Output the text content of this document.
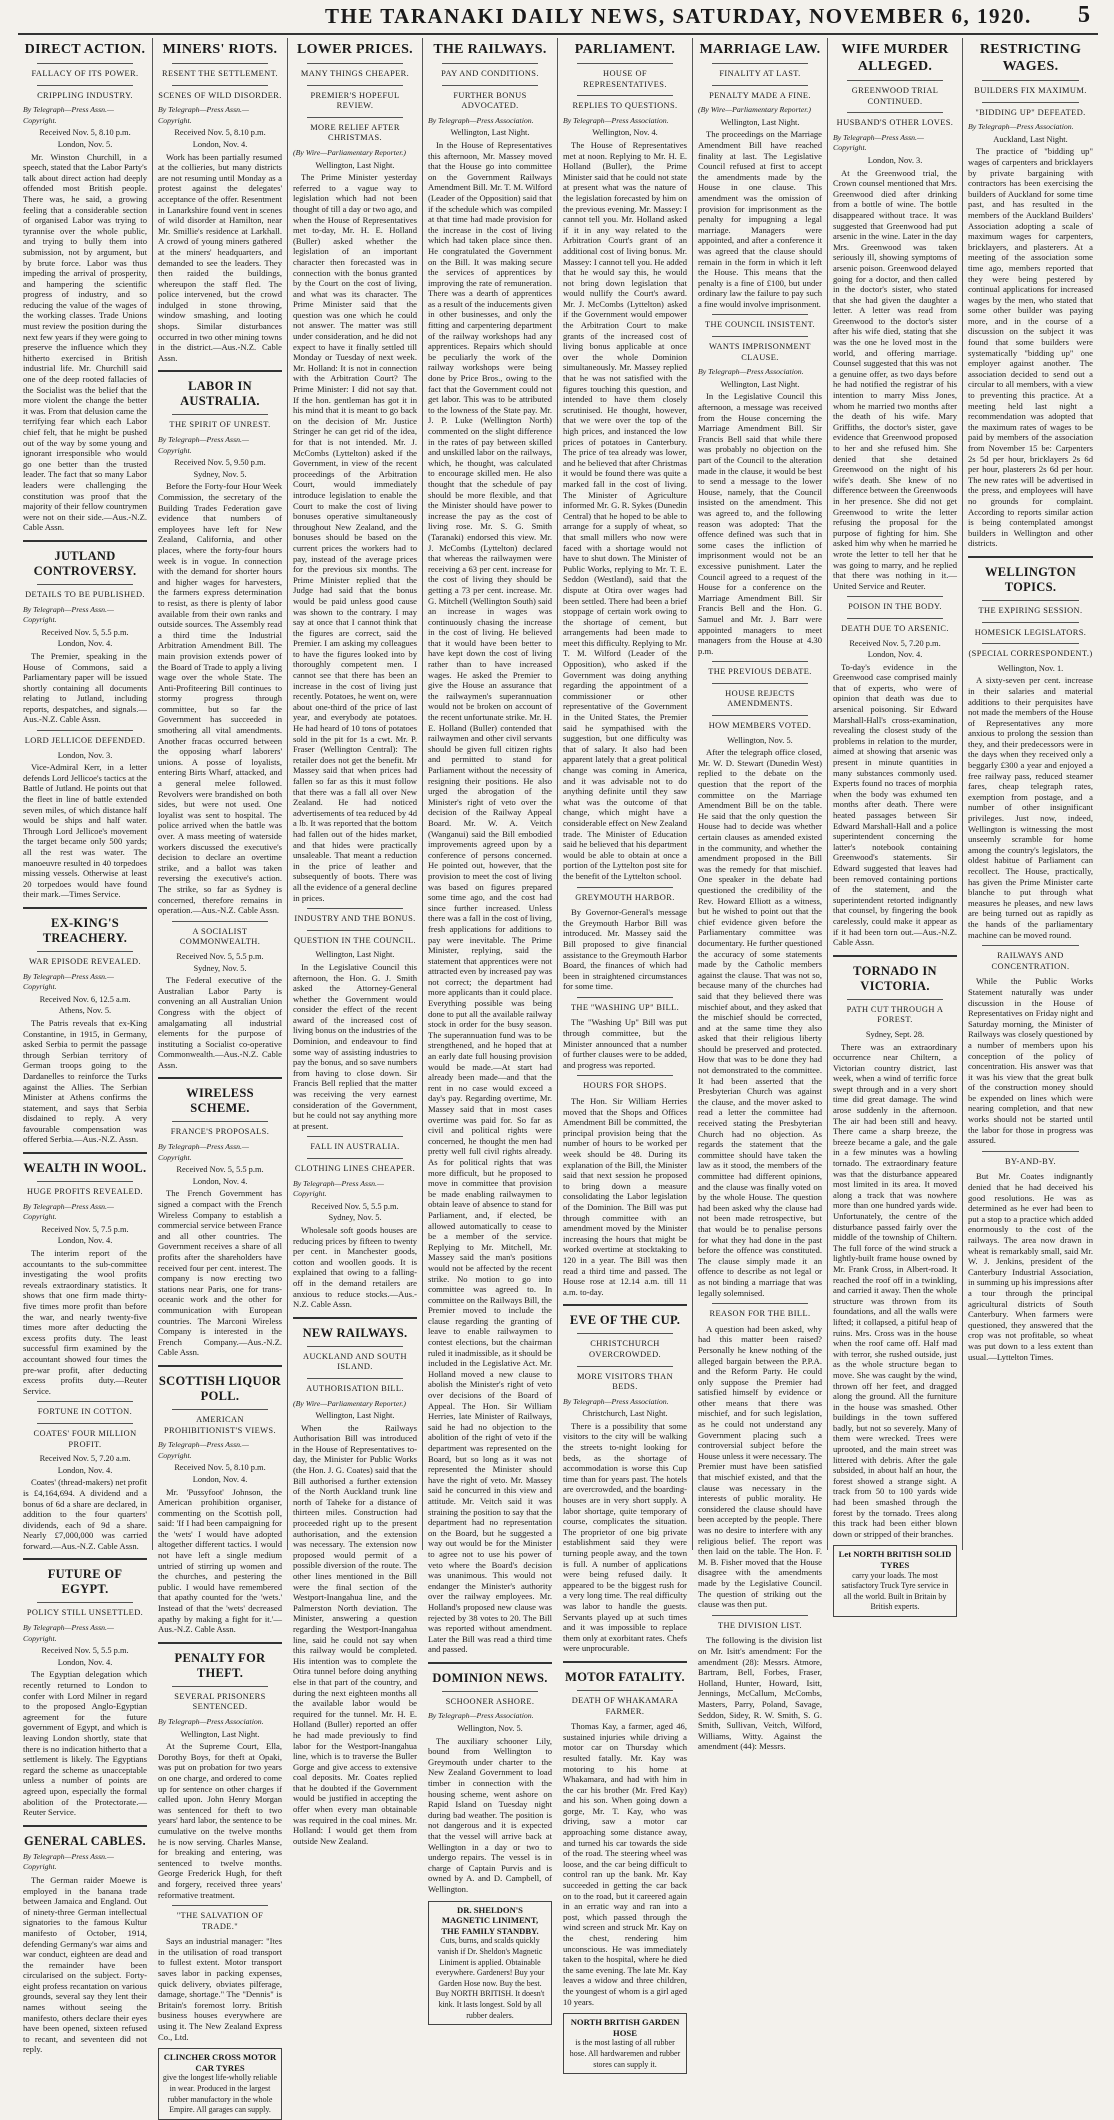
THE TARANAKI DAILY NEWS, SATURDAY, NOVEMBER 6, 1920. 5
DIRECT ACTION.
FALLACY OF ITS POWER.
CRIPPLING INDUSTRY.
By Telegraph—Press Assn.—Copyright.
Received Nov. 5, 8.10 p.m.
London, Nov. 5.
Mr. Winston Churchill, in a speech, stated that the Labor Party's talk about direct action had deeply offended most British people. There was, he said, a growing feeling that a considerable section of organised Labor was trying to tyrannise over the whole public, and trying to bully them into submission, not by argument, but by brute force. Labor was thus impeding the arrival of prosperity, and hampering the scientific progress of industry, and so reducing the value of the wages of the working classes. Trade Unions must review the position during the next few years if they were going to preserve the influence which they hitherto exercised in British industrial life. Mr. Churchill said one of the deep rooted fallacies of the Socialist was the belief that the more violent the change the better it was. From that delusion came the terrifying fear which each Labor chief felt, that he might be pushed out of the way by some young and ignorant irresponsible who would go one better than the trusted leader. The fact that so many Labor leaders were challenging the constitution was proof that the majority of their fellow countrymen were not on their side.—Aus.-N.Z. Cable Assn.
JUTLAND CONTROVERSY.
DETAILS TO BE PUBLISHED.
By Telegraph—Press Assn.—Copyright.
Received Nov. 5, 5.5 p.m.
London, Nov. 4.
The Premier, speaking in the House of Commons, said a Parliamentary paper will be issued shortly containing all documents relating to Jutland, including reports, despatches, and signals.—Aus.-N.Z. Cable Assn.
LORD JELLICOE DEFENDED.
London, Nov. 3.
Vice-Admiral Kerr, in a letter defends Lord Jellicoe's tactics at the Battle of Jutland. He points out that the fleet in line of battle extended seven miles, of which distance half would be ships and half water. Through Lord Jellicoe's movement the target became only 500 yards; all the rest was water. The manoeuvre resulted in 40 torpedoes missing vessels. Otherwise at least 20 torpedoes would have found their mark.—Times Service.
EX-KING'S TREACHERY.
WAR EPISODE REVEALED.
By Telegraph—Press Assn.—Copyright.
Received Nov. 6, 12.5 a.m.
Athens, Nov. 5.
The Patris reveals that ex-King Constantine, in 1915, in Germany, asked Serbia to permit the passage through Serbian territory of German troops going to the Dardanelles to reinforce the Turks against the Allies. The Serbian Minister at Athens confirms the statement, and says that Serbia disdained to reply. A very favourable compensation was offered Serbia.—Aus.-N.Z. Assn.
WEALTH IN WOOL.
HUGE PROFITS REVEALED.
By Telegraph—Press Assn.—Copyright.
Received Nov. 5, 7.5 p.m.
London, Nov. 4.
The interim report of the accountants to the sub-committee investigating the wool profits reveals extraordinary statistics. It shows that one firm made thirty-five times more profit than before the war, and nearly twenty-five times more after deducting the excess profits duty. The least successful firm examined by the accountant showed four times the pre-war profit, after deducting excess profits duty.—Reuter Service.
FORTUNE IN COTTON.
COATES' FOUR MILLION PROFIT.
Received Nov. 5, 7.20 a.m.
London, Nov. 4.
Coates' (thread-makers) net profit is £4,164,694. A dividend and a bonus of 6d a share are declared, in addition to the four quarters' dividends, each of 9d a share. Nearly £7,000,000 was carried forward.—Aus.-N.Z. Cable Assn.
FUTURE OF EGYPT.
POLICY STILL UNSETTLED.
By Telegraph—Press Assn.—Copyright.
Received Nov. 5, 5.5 p.m.
London, Nov. 4.
The Egyptian delegation which recently returned to London to confer with Lord Milner in regard to the proposed Anglo-Egyptian agreement for the future government of Egypt, and which is leaving London shortly, state that there is no indication hitherto that a settlement is likely. The Egyptians regard the scheme as unacceptable unless a number of points are agreed upon, especially the formal abolition of the Protectorate.—Reuter Service.
GENERAL CABLES.
By Telegraph—Press Assn.—Copyright.
The German raider Moewe is employed in the banana trade between Jamaica and England. Out of ninety-three German intellectual signatories to the famous Kultur manifesto of October, 1914, defending Germany's war aims and war conduct, eighteen are dead and the remainder have been circularised on the subject. Forty-eight profess recantation on various grounds, several say they lent their names without seeing the manifesto, others declare their eyes have been opened, sixteen refused to recant, and seventeen did not reply.
MINERS' RIOTS.
RESENT THE SETTLEMENT.
SCENES OF WILD DISORDER.
By Telegraph—Press Assn.—Copyright.
Received Nov. 5, 8.10 p.m.
London, Nov. 4.
Work has been partially resumed at the collieries, but many districts are not resuming until Monday as a protest against the delegates' acceptance of the offer. Resentment in Lanarkshire found vent in scenes of wild disorder at Hamilton, near Mr. Smillie's residence at Larkhall. A crowd of young miners gathered at the miners' headquarters, and demanded to see the leaders. They then raided the buildings, whereupon the staff fled. The police intervened, but the crowd indulged in stone throwing, window smashing, and looting shops. Similar disturbances occurred in two other mining towns in the district.—Aus.-N.Z. Cable Assn.
LABOR IN AUSTRALIA.
THE SPIRIT OF UNREST.
By Telegraph—Press Assn.—Copyright.
Received Nov. 5, 9.50 p.m.
Sydney, Nov. 5.
Before the Forty-four Hour Week Commission, the secretary of the Building Trades Federation gave evidence that numbers of employees have left for New Zealand, California, and other places, where the forty-four hours week is in vogue. In connection with the demand for shorter hours and higher wages for harvesters, the farmers express determination to resist, as there is plenty of labor available from their own ranks and outside sources. The Assembly read a third time the Industrial Arbitration Amendment Bill. The main provision extends power of the Board of Trade to apply a living wage over the whole State. The Anti-Profiteering Bill continues to stormy progress through committee, but so far the Government has succeeded in smothering all vital amendments. Another fracas occurred between the opposing wharf laborers' unions. A posse of loyalists, entering Birts Wharf, attacked, and a general melee followed. Revolvers were brandished on both sides, but were not used. One loyalist was sent to hospital. The police arrived when the battle was over. A mass meeting of waterside workers discussed the executive's decision to declare an overtime strike, and a ballot was taken reversing the executive's action. The strike, so far as Sydney is concerned, therefore remains in operation.—Aus.-N.Z. Cable Assn.
A SOCIALIST COMMONWEALTH.
Received Nov. 5, 5.5 p.m.
Sydney, Nov. 5.
The Federal executive of the Australian Labor Party is convening an all Australian Union Congress with the object of amalgamating all industrial elements for the purpose of instituting a Socialist co-operative Commonwealth.—Aus.-N.Z. Cable Assn.
WIRELESS SCHEME.
FRANCE'S PROPOSALS.
By Telegraph—Press Assn.—Copyright.
Received Nov. 5, 5.5 p.m.
London, Nov. 4.
The French Government has signed a compact with the French Wireless Company to establish a commercial service between France and all other countries. The Government receives a share of all profits after the shareholders have received four per cent. interest. The company is now erecting two stations near Paris, one for trans-oceanic work and the other for communication with European countries. The Marconi Wireless Company is interested in the French Company.—Aus.-N.Z. Cable Assn.
SCOTTISH LIQUOR POLL.
AMERICAN PROHIBITIONIST'S VIEWS.
By Telegraph—Press Assn.—Copyright.
Received Nov. 5, 8.10 p.m.
London, Nov. 4.
Mr. 'Pussyfoot' Johnson, the American prohibition organiser, commenting on the Scottish poll, said: 'If I had been campaigning for the 'wets' I would have adopted altogether different tactics. I would not have left a single medium untried of stirring up women and the churches, and pestering the public. I would have remembered that apathy counted for the 'wets.' Instead of that the 'wets' decreased apathy by making a fight for it.'—Aus.-N.Z. Cable Assn.
PENALTY FOR THEFT.
SEVERAL PRISONERS SENTENCED.
By Telegraph—Press Association.
Wellington, Last Night.
At the Supreme Court, Ella, Dorothy Boys, for theft at Opaki, was put on probation for two years on one charge, and ordered to come up for sentence on other charges if called upon. John Henry Morgan was sentenced for theft to two years' hard labor, the sentence to be cumulative on the twelve months he is now serving. Charles Manse, for breaking and entering, was sentenced to twelve months. George Frederick Hugh, for theft and forgery, received three years' reformative treatment.
"THE SALVATION OF TRADE."
Says an industrial manager: "Ites in the utilisation of road transport to fullest extent. Motor transport saves labor in packing expenses, quick delivery, obviates pilferage, damage, shortage." The "Dennis" is Britain's foremost lorry. British business houses everywhere are using it. The New Zealand Express Co., Ltd.
CLINCHER CROSS MOTOR CAR TYRES
give the longest life-wholly reliable in wear. Produced in the largest rubber manufactory in the whole Empire. All garages can supply.
LOWER PRICES.
MANY THINGS CHEAPER.
PREMIER'S HOPEFUL REVIEW.
MORE RELIEF AFTER CHRISTMAS.
(By Wire—Parliamentary Reporter.)
Wellington, Last Night.
The Prime Minister yesterday referred to a vague way to legislation which had not been thought of till a day or two ago, and when the House of Representatives met to-day, Mr. H. E. Holland (Buller) asked whether the legislation of an important character then forecasted was in connection with the bonus granted by the Court on the cost of living, and what was its character. The Prime Minister said that the question was one which he could not answer. The matter was still under consideration, and he did not expect to have it finally settled till Monday or Tuesday of next week. Mr. Holland: It is not in connection with the Arbitration Court? The Prime Minister: I did not say that. If the hon. gentleman has got it in his mind that it is meant to go back on the decision of Mr. Justice Stringer he can get rid of the idea, for that is not intended. Mr. J. McCombs (Lyttelton) asked if the Government, in view of the recent proceedings of the Arbitration Court, would immediately introduce legislation to enable the Court to make the cost of living bonuses operative simultaneously throughout New Zealand, and the bonuses should be based on the current prices the workers had to pay, instead of the average prices for the previous six months. The Prime Minister replied that the Judge had said that the bonus would be paid unless good cause was shown to the contrary. I may say at once that I cannot think that the figures are correct, said the Premier. I am asking my colleagues to have the figures looked into by thoroughly competent men. I cannot see that there has been an increase in the cost of living just recently. Potatoes, he went on, were about one-third of the price of last year, and everybody ate potatoes. He had heard of 10 tons of potatoes sold in the pit for 1s a cwt. Mr. P. Fraser (Wellington Central): The retailer does not get the benefit. Mr Massey said that when prices had fallen so far as this it must follow that there was a fall all over New Zealand. He had noticed advertisements of tea reduced by 4d a lb. It was reported that the bottom had fallen out of the hides market, and that hides were practically unsaleable. That meant a reduction in the price of leather and subsequently of boots. There was all the evidence of a general decline in prices.
INDUSTRY AND THE BONUS.
QUESTION IN THE COUNCIL.
Wellington, Last Night.
In the Legislative Council this afternoon, the Hon. G. J. Smith asked the Attorney-General whether the Government would consider the effect of the recent award of the increased cost of living bonus on the industries of the Dominion, and endeavour to find some way of assisting industries to pay the bonus, and so save numbers from having to close down. Sir Francis Bell replied that the matter was receiving the very earnest consideration of the Government, but he could not say anything more at present.
FALL IN AUSTRALIA.
CLOTHING LINES CHEAPER.
By Telegraph—Press Assn.—Copyright.
Received Nov. 5, 5.5 p.m.
Sydney, Nov. 5.
Wholesale soft goods houses are reducing prices by fifteen to twenty per cent. in Manchester goods, cotton and woollen goods. It is explained that owing to a falling-off in the demand retailers are anxious to reduce stocks.—Aus.-N.Z. Cable Assn.
NEW RAILWAYS.
AUCKLAND AND SOUTH ISLAND.
AUTHORISATION BILL.
(By Wire—Parliamentary Reporter.)
Wellington, Last Night.
When the Railways Authorisation Bill was introduced in the House of Representatives to-day, the Minister for Public Works (the Hon. J. G. Coates) said that the Bill authorised a further extension of the North Auckland trunk line north of Taheke for a distance of thirteen miles. Construction had proceeded right up to the present authorisation, and the extension was necessary. The extension now proposed would permit of a possible diversion of the route. The other lines mentioned in the Bill were the final section of the Westport-Inangahua line, and the Palmerston North deviation. The Minister, answering a question regarding the Westport-Inangahua line, said he could not say when this railway would be completed. His intention was to complete the Otira tunnel before doing anything else in that part of the country, and during the next eighteen months all the available labor would be required for the tunnel. Mr. H. E. Holland (Buller) reported an offer he had made previously to find labor for the Westport-Inangahua line, which is to traverse the Buller Gorge and give access to extensive coal deposits. Mr. Coates replied that he doubted if the Government would be justified in accepting the offer when every man obtainable was required in the coal mines. Mr. Holland: I would get them from outside New Zealand.
THE RAILWAYS.
PAY AND CONDITIONS.
FURTHER BONUS ADVOCATED.
By Telegraph—Press Association.
Wellington, Last Night.
In the House of Representatives this afternoon, Mr. Massey moved that the House go into committee on the Government Railways Amendment Bill. Mr. T. M. Wilford (Leader of the Opposition) said that if the schedule which was compiled at that time had made provision for the increase in the cost of living which had taken place since then. He congratulated the Government on the Bill. It was making secure the services of apprentices by improving the rate of remuneration. There was a dearth of apprentices as a result of the inducements given in other businesses, and only the fitting and carpentering department of the railway workshops had any apprentices. Repairs which should be peculiarly the work of the railway workshops were being done by Price Bros., owing to the fact that the Government could not get labor. This was to be attributed to the lowness of the State pay. Mr. J. P. Luke (Wellington North) commented on the slight difference in the rates of pay between skilled and unskilled labor on the railways, which, he thought, was calculated to encourage skilled men. He also thought that the schedule of pay should be more flexible, and that the Minister should have power to increase the pay as the cost of living rose. Mr. S. G. Smith (Taranaki) endorsed this view. Mr. J. McCombs (Lyttelton) declared that whereas the railwaymen were receiving a 63 per cent. increase for the cost of living they should be getting a 73 per cent. increase. Mr. G. Mitchell (Wellington South) said an increase in wages was continuously chasing the increase in the cost of living. He believed that it would have been better to have kept down the cost of living rather than to have increased wages. He asked the Premier to give the House an assurance that the railwaymen's superannuation would not be broken on account of the recent unfortunate strike. Mr. H. E. Holland (Buller) contended that railwaymen and other civil servants should be given full citizen rights and permitted to stand for Parliament without the necessity of resigning their positions. He also urged the abrogation of the Minister's right of veto over the decision of the Railway Appeal Board. Mr. W. A. Veitch (Wanganui) said the Bill embodied improvements agreed upon by a conference of persons concerned. He pointed out, however, that the provision to meet the cost of living was based on figures prepared some time ago, and the cost had since further increased. Unless there was a fall in the cost of living, fresh applications for additions to pay were inevitable. The Prime Minister, replying, said the statement that apprentices were not attracted even by increased pay was not correct; the department had more applicants than it could place. Everything possible was being done to put all the available railway stock in order for the busy season. The superannuation fund was to be strengthened, and he hoped that at an early date full housing provision would be made.—At start had already been made—and that the rent in no case would exceed a day's pay. Regarding overtime, Mr. Massey said that in most cases overtime was paid for. So far as civil and political rights were concerned, he thought the men had pretty well full civil rights already. As for political rights that was more difficult, but he proposed to move in committee that provision be made enabling railwaymen to obtain leave of absence to stand for Parliament, and, if elected, be allowed automatically to cease to be a member of the service. Replying to Mr. Mitchell, Mr. Massey said the man's positions would not be affected by the recent strike. No motion to go into committee was agreed to. In committee on the Railways Bill, the Premier moved to include the clause regarding the granting of leave to enable railwaymen to contest elections, but the chairman ruled it inadmissible, as it should be included in the Legislative Act. Mr. Holland moved a new clause to abolish the Minister's right of veto over decisions of the Board of Appeal. The Hon. Sir William Herries, late Minister of Railways, said he had no objection to the abolition of the right of veto if the department was represented on the Board, but so long as it was not represented the Minister should have the right of veto. Mr. Massey said he concurred in this view and attitude. Mr. Veitch said it was straining the position to say that the department had no representation on the Board, but he suggested a way out would be for the Minister to agree not to use his power of veto where the Board's decision was unanimous. This would not endanger the Minister's authority over the railway employees. Mr. Holland's proposed new clause was rejected by 38 votes to 20. The Bill was reported without amendment. Later the Bill was read a third time and passed.
DOMINION NEWS.
SCHOONER ASHORE.
By Telegraph—Press Association.
Wellington, Nov. 5.
The auxiliary schooner Lily, bound from Wellington to Greymouth under charter to the New Zealand Government to load timber in connection with the housing scheme, went ashore on Rapid Island on Tuesday night during bad weather. The position is not dangerous and it is expected that the vessel will arrive back at Wellington in a day or two to undergo repairs. The vessel is in charge of Captain Purvis and is owned by A. and D. Campbell, of Wellington.
DR. SHELDON'S MAGNETIC LINIMENT, THE FAMILY STANDBY.
Cuts, burns, and scalds quickly vanish if Dr. Sheldon's Magnetic Liniment is applied. Obtainable everywhere. Gardeners! Buy your Garden Hose now. Buy the best. Buy NORTH BRITISH. It doesn't kink. It lasts longest. Sold by all rubber dealers.
PARLIAMENT.
HOUSE OF REPRESENTATIVES.
REPLIES TO QUESTIONS.
By Telegraph—Press Association.
Wellington, Nov. 4.
The House of Representatives met at noon. Replying to Mr. H. E. Holland (Buller), the Prime Minister said that he could not state at present what was the nature of the legislation forecasted by him on the previous evening. Mr. Massey: I cannot tell you. Mr. Holland asked if it in any way related to the Arbitration Court's grant of an additional cost of living bonus. Mr. Massey: I cannot tell you. He added that he would say this, he would not bring down legislation that would nullify the Court's award. Mr. J. McCombs (Lyttelton) asked if the Government would empower the Arbitration Court to make grants of the increased cost of living bonus applicable at once over the whole Dominion simultaneously. Mr. Massey replied that he was not satisfied with the figures touching this question, and intended to have them closely scrutinised. He thought, however, that we were over the top of the high prices, and instanced the low prices of potatoes in Canterbury. The price of tea already was lower, and he believed that after Christmas it would be found there was quite a marked fall in the cost of living. The Minister of Agriculture informed Mr. G. R. Sykes (Dunedin Central) that he hoped to be able to arrange for a supply of wheat, so that small millers who now were faced with a shortage would not have to shut down. The Minister of Public Works, replying to Mr. T. E. Seddon (Westland), said that the dispute at Otira over wages had been settled. There had been a brief stoppage of certain work owing to the shortage of cement, but arrangements had been made to meet this difficulty. Replying to Mr. T. M. Wilford (Leader of the Opposition), who asked if the Government was doing anything regarding the appointment of a commissioner or other representative of the Government in the United States, the Premier said he sympathised with the suggestion, but one difficulty was that of salary. It also had been apparent lately that a great political change was coming in America, and it was advisable not to do anything definite until they saw what was the outcome of that change, which might have a considerable effect on New Zealand trade. The Minister of Education said he believed that his department would be able to obtain at once a portion of the Lyttelton post site for the benefit of the Lyttelton school.
GREYMOUTH HARBOR.
By Governor-General's message the Greymouth Harbor Bill was introduced. Mr. Massey said the Bill proposed to give financial assistance to the Greymouth Harbor Board, the finances of which had been in straightened circumstances for some time.
THE "WASHING UP" BILL.
The "Washing Up" Bill was put through committee, but the Minister announced that a number of further clauses were to be added, and progress was reported.
HOURS FOR SHOPS.
The Hon. Sir William Herries moved that the Shops and Offices Amendment Bill be committed, the principal provision being that the number of hours to be worked per week should be 48. During its explanation of the Bill, the Minister said that next session he proposed to bring down a measure consolidating the Labor legislation of the Dominion. The Bill was put through committee with an amendment moved by the Minister increasing the hours that might be worked overtime at stocktaking to 120 in a year. The Bill was then read a third time and passed. The House rose at 12.14 a.m. till 11 a.m. to-day.
EVE OF THE CUP.
CHRISTCHURCH OVERCROWDED.
MORE VISITORS THAN BEDS.
By Telegraph—Press Association.
Christchurch, Last Night.
There is a possibility that some visitors to the city will be walking the streets to-night looking for beds, as the shortage of accommodation is worse this Cup time than for years past. The hotels are overcrowded, and the boarding-houses are in very short supply. A labor shortage, quite temporary of course, complicates the situation. The proprietor of one big private establishment said they were turning people away, and the town is full. A number of applications were being refused daily. It appeared to be the biggest rush for a very long time. The real difficulty was labor to handle the guests. Servants played up at such times and it was impossible to replace them only at exorbitant rates. Chefs were unprocurable.
MOTOR FATALITY.
DEATH OF WHAKAMARA FARMER.
Thomas Kay, a farmer, aged 46, sustained injuries while driving a motor car on Thursday which resulted fatally. Mr. Kay was motoring to his home at Whakamara, and had with him in the car his brother (Mr. Fred Kay) and his son. When going down a gorge, Mr. T. Kay, who was driving, saw a motor car approaching some distance away, and turned his car towards the side of the road. The steering wheel was loose, and the car being difficult to control ran up the bank. Mr. Kay succeeded in getting the car back on to the road, but it careered again in an erratic way and ran into a post, which passed through the wind screen and struck Mr. Kay on the chest, rendering him unconscious. He was immediately taken to the hospital, where he died the same evening. The late Mr. Kay leaves a widow and three children, the youngest of whom is a girl aged 10 years.
NORTH BRITISH GARDEN HOSE
is the most lasting of all rubber hose. All hardwaremen and rubber stores can supply it.
MARRIAGE LAW.
FINALITY AT LAST.
PENALTY MADE A FINE.
(By Wire—Parliamentary Reporter.)
Wellington, Last Night.
The proceedings on the Marriage Amendment Bill have reached finality at last. The Legislative Council refused at first to accept the amendments made by the House in one clause. This amendment was the omission of provision for imprisonment as the penalty for impugning a legal marriage. Managers were appointed, and after a conference it was agreed that the clause should remain in the form in which it left the House. This means that the penalty is a fine of £100, but under ordinary law the failure to pay such a fine would involve imprisonment.
THE COUNCIL INSISTENT.
WANTS IMPRISONMENT CLAUSE.
By Telegraph—Press Association.
Wellington, Last Night.
In the Legislative Council this afternoon, a message was received from the House concerning the Marriage Amendment Bill. Sir Francis Bell said that while there was probably no objection on the part of the Council to the alteration made in the clause, it would be best to send a message to the lower House, namely, that the Council insisted on the amendment. This was agreed to, and the following reason was adopted: That the offence defined was such that in some cases the infliction of imprisonment would not be an excessive punishment. Later the Council agreed to a request of the House for a conference on the Marriage Amendment Bill. Sir Francis Bell and the Hon. G. Samuel and Mr. J. Barr were appointed managers to meet managers from the House at 4.30 p.m.
THE PREVIOUS DEBATE.
HOUSE REJECTS AMENDMENTS.
HOW MEMBERS VOTED.
Wellington, Nov. 5.
After the telegraph office closed, Mr. W. D. Stewart (Dunedin West) replied to the debate on the question that the report of the committee on the Marriage Amendment Bill be on the table. He said that the only question the House had to decide was whether certain clauses as amended existed in the community, and whether the amendment proposed in the Bill was the remedy for that mischief. One speaker in the debate had questioned the credibility of the Rev. Howard Elliott as a witness, but he wished to point out that the chief evidence given before the Parliamentary committee was documentary. He further questioned the accuracy of some statements made by the Catholic members against the clause. That was not so, because many of the churches had said that they believed there was mischief about, and they asked that the mischief should be corrected, and at the same time they also asked that their religious liberty should be preserved and protected. How that was to be done they had not demonstrated to the committee. It had been asserted that the Presbyterian Church was against the clause, and the mover asked to read a letter the committee had received stating the Presbyterian Church had no objection. As regards the statement that the committee should have taken the law as it stood, the members of the committee had different opinions, and the clause was finally voted on by the whole House. The question had been asked why the clause had not been made retrospective, but that would be to penalise persons for what they had done in the past before the offence was constituted. The clause simply made it an offence to describe as not legal or as not binding a marriage that was legally solemnised.
REASON FOR THE BILL.
A question had been asked, why had this matter been raised? Personally he knew nothing of the alleged bargain between the P.P.A. and the Reform Party. He could only suppose the Premier had satisfied himself by evidence or other means that there was mischief, and for such legislation, as he could not understand any Government placing such a controversial subject before the House unless it were necessary. The Premier must have been satisfied that mischief existed, and that the clause was necessary in the interests of public morality. He considered the clause should have been accepted by the people. There was no desire to interfere with any religious belief. The report was then laid on the table. The Hon. F. M. B. Fisher moved that the House disagree with the amendments made by the Legislative Council. The question of striking out the clause was then put.
THE DIVISION LIST.
The following is the division list on Mr. Isitt's amendment: For the amendment (28): Messrs. Atmore, Bartram, Bell, Forbes, Fraser, Holland, Hunter, Howard, Isitt, Jennings, McCallum, McCombs, Masters, Parry, Poland, Savage, Seddon, Sidey, R. W. Smith, S. G. Smith, Sullivan, Veitch, Wilford, Williams, Witty. Against the amendment (44): Messrs.
WIFE MURDER ALLEGED.
GREENWOOD TRIAL CONTINUED.
HUSBAND'S OTHER LOVES.
By Telegraph—Press Assn.—Copyright.
London, Nov. 3.
At the Greenwood trial, the Crown counsel mentioned that Mrs. Greenwood died after drinking from a bottle of wine. The bottle disappeared without trace. It was suggested that Greenwood had put arsenic in the wine. Later in the day Mrs. Greenwood was taken seriously ill, showing symptoms of arsenic poison. Greenwood delayed going for a doctor, and then called in the doctor's sister, who stated that she had given the daughter a letter. A letter was read from Greenwood to the doctor's sister after his wife died, stating that she was the one he loved most in the world, and offering marriage. Counsel suggested that this was not a genuine offer, as two days before he had notified the registrar of his intention to marry Miss Jones, whom he married two months after the death of his wife. Mary Griffiths, the doctor's sister, gave evidence that Greenwood proposed to her and she refused him. She denied that she detained Greenwood on the night of his wife's death. She knew of no difference between the Greenwoods in her presence. She did not get Greenwood to write the letter refusing the proposal for the purpose of fighting for him. She asked him why when he married he wrote the letter to tell her that he was going to marry, and he replied that there was nothing in it.—United Service and Reuter.
POISON IN THE BODY.
DEATH DUE TO ARSENIC.
Received Nov. 5, 7.20 p.m.
London, Nov. 4.
To-day's evidence in the Greenwood case comprised mainly that of experts, who were of opinion that death was due to arsenical poisoning. Sir Edward Marshall-Hall's cross-examination, revealing the closest study of the problems in relation to the murder, aimed at showing that arsenic was present in minute quantities in many substances commonly used. Experts found no traces of morphia when the body was exhumed ten months after death. There were heated passages between Sir Edward Marshall-Hall and a police superintendent concerning the latter's notebook containing Greenwood's statements. Sir Edward suggested that leaves had been removed containing portions of the statement, and the superintendent retorted indignantly that counsel, by fingering the book carelessly, could make it appear as if it had been torn out.—Aus.-N.Z. Cable Assn.
TORNADO IN VICTORIA.
PATH CUT THROUGH A FOREST.
Sydney, Sept. 28.
There was an extraordinary occurrence near Chiltern, a Victorian country district, last week, when a wind of terrific force swept through and in a very short time did great damage. The wind arose suddenly in the afternoon. The air had been still and heavy. There came a sharp breeze, the breeze became a gale, and the gale in a few minutes was a howling tornado. The extraordinary feature was that the disturbance appeared most limited in its area. It moved along a track that was nowhere more than one hundred yards wide. Unfortunately, the centre of the disturbance passed fairly over the middle of the township of Chiltern. The full force of the wind struck a lightly-built frame house owned by Mr. Frank Cross, in Albert-road. It reached the roof off in a twinkling, and carried it away. Then the whole structure was thrown from its foundations, and all the walls were lifted; it collapsed, a pitiful heap of ruins. Mrs. Cross was in the house when the roof came off. Half mad with terror, she rushed outside, just as the whole structure began to move. She was caught by the wind, thrown off her feet, and dragged along the ground. All the furniture in the house was smashed. Other buildings in the town suffered badly, but not so severely. Many of them were wrecked. Trees were uprooted, and the main street was littered with debris. After the gale subsided, in about half an hour, the forest showed a strange sight. A track from 50 to 100 yards wide had been smashed through the forest by the tornado. Trees along this track had been either blown down or stripped of their branches.
Let NORTH BRITISH SOLID TYRES
carry your loads. The most satisfactory Truck Tyre service in all the world. Built in Britain by British experts.
RESTRICTING WAGES.
BUILDERS FIX MAXIMUM.
"BIDDING UP" DEFEATED.
By Telegraph—Press Association.
Auckland, Last Night.
The practice of "bidding up" wages of carpenters and bricklayers by private bargaining with contractors has been exercising the builders of Auckland for some time past, and has resulted in the members of the Auckland Builders' Association adopting a scale of maximum wages for carpenters, bricklayers, and plasterers. At a meeting of the association some time ago, members reported that they were being pestered by continual applications for increased wages by the men, who stated that some other builder was paying more, and in the course of a discussion on the subject it was found that some builders were systematically "bidding up" one employer against another. The association decided to send out a circular to all members, with a view to preventing this practice. At a meeting held last night a recommendation was adopted that the maximum rates of wages to be paid by members of the association from November 15 be: Carpenters 2s 5d per hour, bricklayers 2s 6d per hour, plasterers 2s 6d per hour. The new rates will be advertised in the press, and employees will have no grounds for complaint. According to reports similar action is being contemplated amongst builders in Wellington and other districts.
WELLINGTON TOPICS.
THE EXPIRING SESSION.
HOMESICK LEGISLATORS.
(SPECIAL CORRESPONDENT.)
Wellington, Nov. 1.
A sixty-seven per cent. increase in their salaries and material additions to their perquisites have not made the members of the House of Representatives any more anxious to prolong the session than they, and their predecessors were in the days when they received only a beggarly £300 a year and enjoyed a free railway pass, reduced steamer fares, cheap telegraph rates, exemption from postage, and a number of other insignificant privileges. Just now, indeed, Wellington is witnessing the most unseemly scramble for home among the country's legislators, the oldest habitue of Parliament can recollect. The House, practically, has given the Prime Minister carte blanche to put through what measures he pleases, and new laws are being turned out as rapidly as the hands of the parliamentary machine can be moved round.
RAILWAYS AND CONCENTRATION.
While the Public Works Statement naturally was under discussion in the House of Representatives on Friday night and Saturday morning, the Minister of Railways was closely questioned by a number of members upon his conception of the policy of concentration. His answer was that it was his view that the great bulk of the construction money should be expended on lines which were nearing completion, and that new works should not be started until the labor for those in progress was assured.
BY-AND-BY.
But Mr. Coates indignantly denied that he had deceived his good resolutions. He was as determined as he ever had been to put a stop to a practice which added enormously to the cost of the railways. The area now drawn in wheat is remarkably small, said Mr. W. J. Jenkins, president of the Canterbury Industrial Association, in summing up his impressions after a tour through the principal agricultural districts of South Canterbury. When farmers were questioned, they answered that the crop was not profitable, so wheat was put down to a less extent than usual.—Lyttelton Times.
